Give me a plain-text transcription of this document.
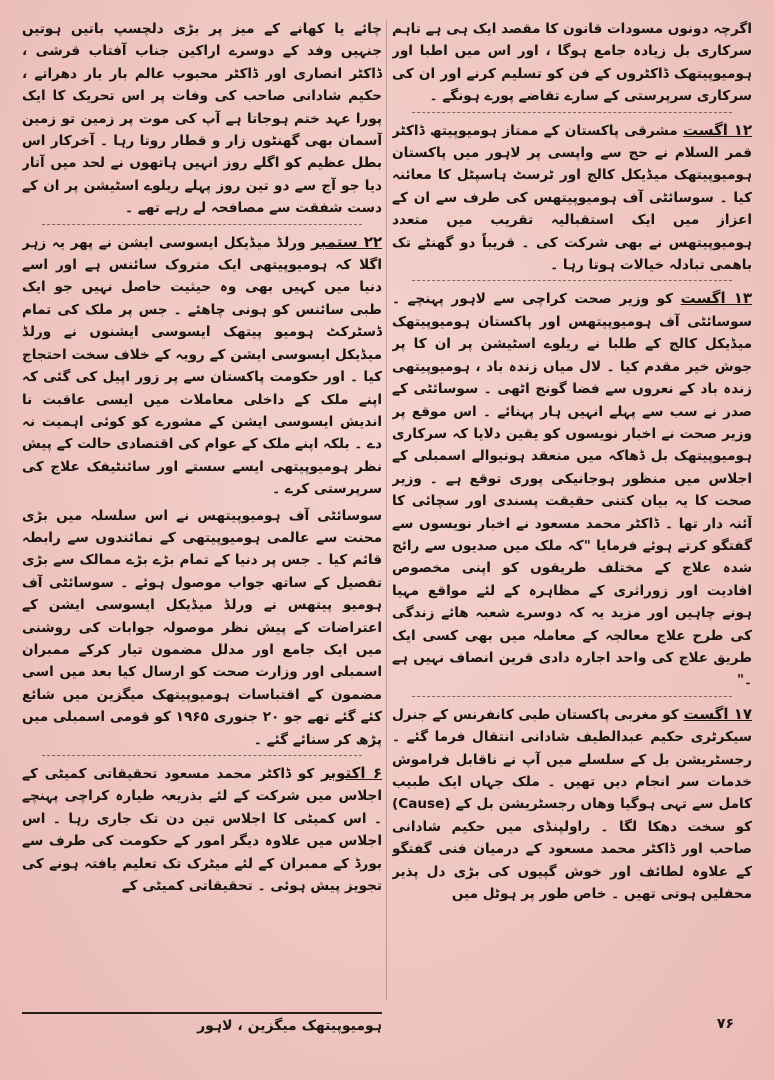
اگرچہ دونوں مسودات قانون کا مقصد ایک ہی ہے تاہم سرکاری بل زیادہ جامع ہوگا ، اور اس میں اطبا اور ہومیوپیتھک ڈاکٹروں کے فن کو تسلیم کرنے اور ان کی سرکاری سرپرستی کے سارے تقاضے پورے ہونگے ۔

۱۲ اگست مشرقی پاکستان کے ممتاز ہومیوپیتھ ڈاکٹر قمر السلام نے حج سے واپسی پر لاہور میں پاکستان ہومیوپیتھک میڈیکل کالج اور ٹرسٹ ہاسپٹل کا معائنہ کیا ۔ سوسائٹی آف ہومیوپیتھس کی طرف سے ان کے اعزاز میں ایک استقبالیہ تقریب میں متعدد ہومیوپیتھس نے بھی شرکت کی ۔ قریباً دو گھنٹے تک باھمی تبادلہ خیالات ہوتا رہا ۔

۱۳ اگست کو وزیر صحت کراچی سے لاہور پہنچے ۔ سوسائٹی آف ہومیوپیتھس اور پاکستان ہومیوپیتھک میڈیکل کالج کے طلبا نے ریلوے اسٹیشن پر ان کا پر جوش خیر مقدم کیا ۔ لال میاں زندہ باد ، ہومیوپیتھی زندہ باد کے نعروں سے فضا گونج اٹھی ۔ سوسائٹی کے صدر نے سب سے پہلے انہیں ہار پہنائے ۔ اس موقع پر وزیر صحت نے اخبار نویسوں کو یقین دلایا کہ سرکاری ہومیوپیتھک بل ڈھاکہ میں منعقد ہونیوالے اسمبلی کے اجلاس میں منظور ہوجانیکی پوری توقع ہے ۔ وزیر صحت کا یہ بیان کتنی حقیقت پسندی اور سچائی کا آئنہ دار تھا ۔ ڈاکٹر محمد مسعود نے اخبار نویسوں سے گفتگو کرتے ہوئے فرمایا "کہ ملک میں صدیوں سے رائج شدہ علاج کے مختلف طریقوں کو اپنی مخصوص افادیت اور زوراثری کے مظاہرہ کے لئے مواقع مہیا ہونے چاہیں اور مزید یہ کہ دوسرے شعبہ ھائے زندگی کی طرح علاج معالجہ کے معاملہ میں بھی کسی ایک طریق علاج کی واحد اجارہ دادی قرین انصاف نہیں ہے ۔"

۱۷ اگست کو مغربی پاکستان طبی کانفرنس کے جنرل سیکرٹری حکیم عبدالطیف شادانی انتقال فرما گئے ۔ رجسٹریشن بل کے سلسلے میں آپ نے ناقابل فراموش خدمات سر انجام دیں تھیں ۔ ملک جہاں ایک طبیب کامل سے تہی ہوگیا وھاں رجسٹریشن بل کے (Cause) کو سخت دھکا لگا ۔ راولپنڈی میں حکیم شادانی صاحب اور ڈاکٹر محمد مسعود کے درمیان فنی گفتگو کے علاوہ لطائف اور خوش گپیوں کی بڑی دل پذیر محفلیں ہوتی تھیں ۔ خاص طور پر ہوٹل میں

چائے یا کھانے کے میز پر بڑی دلچسپ باتیں ہوتیں جنہیں وفد کے دوسرے اراکین جناب آفتاب قرشی ، ڈاکٹر انصاری اور ڈاکٹر محبوب عالم بار بار دھراتے ، حکیم شادانی صاحب کی وفات پر اس تحریک کا ایک پورا عہد ختم ہوجاتا ہے آپ کی موت پر زمین تو زمین آسمان بھی گھنٹوں زار و قطار روتا رہا ۔ آخرکار اس بطل عظیم کو اگلے روز انہیں ہاتھوں نے لحد میں آتار دیا جو آج سے دو تین روز پہلے ریلوے اسٹیشن پر ان کے دست شفقت سے مصافحہ لے رہے تھے ۔

۲۲ ستمبر ورلڈ میڈیکل ایسوسی ایشن نے پھر یہ زہر اگلا کہ ہومیوپیتھی ایک متروک سائنس ہے اور اسے دنیا میں کہیں بھی وہ حیثیت حاصل نہیں جو ایک طبی سائنس کو ہونی چاھئے ۔ جس پر ملک کی تمام ڈسٹرکٹ ہومیو پیتھک ایسوسی ایشنوں نے ورلڈ میڈیکل ایسوسی ایشن کے رویہ کے خلاف سخت احتجاج کیا ۔ اور حکومت پاکستان سے پر زور اپیل کی گئی کہ اپنے ملک کے داخلی معاملات میں ایسی عاقبت نا اندیش ایسوسی ایشن کے مشورے کو کوئی اہمیت نہ دے ۔ بلکہ اپنے ملک کے عوام کی اقتصادی حالت کے پیش نظر ہومیوپیتھی ایسے سستے اور سائنٹیفک علاج کی سرپرستی کرے ۔

سوسائٹی آف ہومیوپیتھس نے اس سلسلہ میں بڑی محنت سے عالمی ہومیوپیتھی کے نمائندوں سے رابطہ قائم کیا ۔ جس پر دنیا کے تمام بڑے بڑے ممالک سے بڑی تفصیل کے ساتھ جواب موصول ہوئے ۔ سوسائٹی آف ہومیو پیتھس نے ورلڈ میڈیکل ایسوسی ایشن کے اعتراضات کے پیش نظر موصولہ جوابات کی روشنی میں ایک جامع اور مدلل مضمون تیار کرکے ممبران اسمبلی اور وزارت صحت کو ارسال کیا بعد میں اسی مضمون کے اقتباسات ہومیوپیتھک میگزین میں شائع کئے گئے تھے جو ۲۰ جنوری ۱۹۶۵ کو قومی اسمبلی میں پڑھ کر سنائے گئے ۔

۶ اکتوبر کو ڈاکٹر محمد مسعود تحقیقاتی کمیٹی کے اجلاس میں شرکت کے لئے بذریعہ طیارہ کراچی پہنچے ۔ اس کمیٹی کا اجلاس تین دن تک جاری رہا ۔ اس اجلاس میں علاوہ دیگر امور کے حکومت کی طرف سے بورڈ کے ممبران کے لئے میٹرک تک تعلیم یافتہ ہونے کی تجویز پیش ہوئی ۔ تحقیقاتی کمیٹی کے

ہومیوپیتھک میگزین ، لاہور	۷۶
